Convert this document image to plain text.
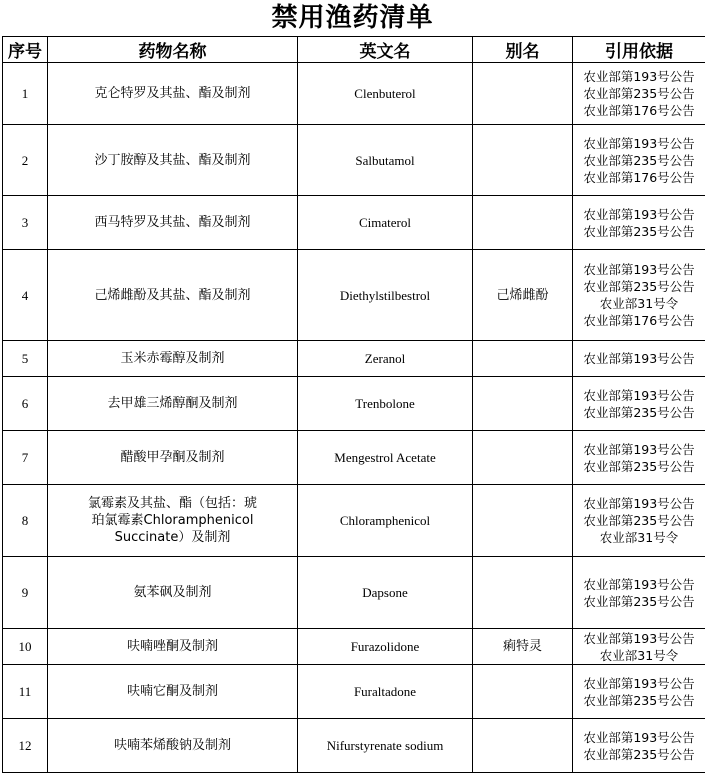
禁用渔药清单
序号	药物名称	英文名	别名	引用依据
1	克仑特罗及其盐、酯及制剂	Clenbuterol		农业部第193号公告
农业部第235号公告
农业部第176号公告

2	沙丁胺醇及其盐、酯及制剂	Salbutamol		农业部第193号公告
农业部第235号公告
农业部第176号公告

3	西马特罗及其盐、酯及制剂	Cimaterol		农业部第193号公告
农业部第235号公告

4	己烯雌酚及其盐、酯及制剂	Diethylstilbestrol	己烯雌酚	农业部第193号公告
农业部第235号公告
农业部31号令
农业部第176号公告

5	玉米赤霉醇及制剂	Zeranol		农业部第193号公告

6	去甲雄三烯醇酮及制剂	Trenbolone		农业部第193号公告
农业部第235号公告

7	醋酸甲孕酮及制剂	Mengestrol Acetate		农业部第193号公告
农业部第235号公告

8	氯霉素及其盐、酯（包括：琥
珀氯霉素Chloramphenicol
Succinate）及制剂	Chloramphenicol		农业部第193号公告
农业部第235号公告
农业部31号令

9	氨苯砜及制剂	Dapsone		农业部第193号公告
农业部第235号公告

10	呋喃唑酮及制剂	Furazolidone	痢特灵	农业部第193号公告
农业部31号令

11	呋喃它酮及制剂	Furaltadone		农业部第193号公告
农业部第235号公告

12	呋喃苯烯酸钠及制剂	Nifurstyrenate sodium		农业部第193号公告
农业部第235号公告
